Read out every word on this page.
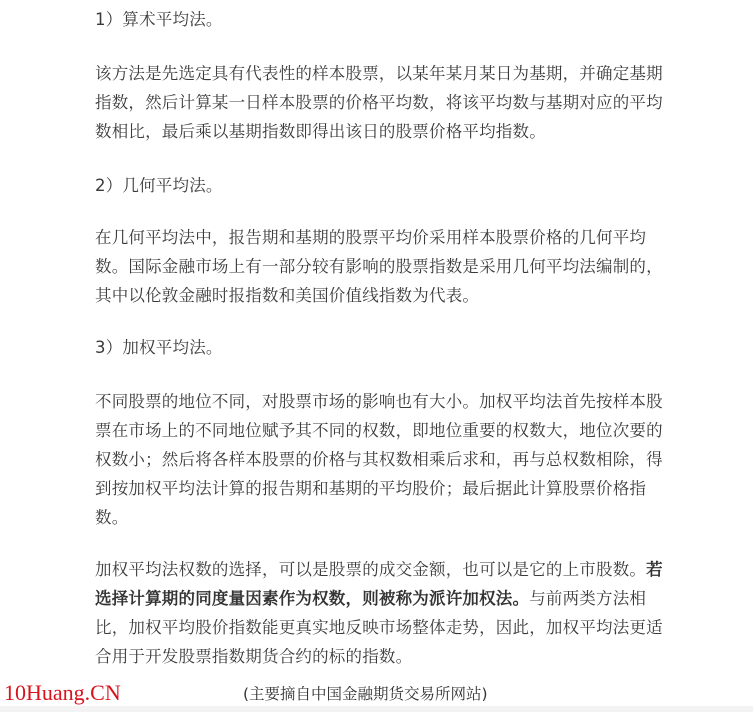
1）算术平均法。
该方法是先选定具有代表性的样本股票，以某年某月某日为基期，并确定基期
指数，然后计算某一日样本股票的价格平均数，将该平均数与基期对应的平均
数相比，最后乘以基期指数即得出该日的股票价格平均指数。
2）几何平均法。
在几何平均法中，报告期和基期的股票平均价采用样本股票价格的几何平均
数。国际金融市场上有一部分较有影响的股票指数是采用几何平均法编制的，
其中以伦敦金融时报指数和美国价值线指数为代表。
3）加权平均法。
不同股票的地位不同，对股票市场的影响也有大小。加权平均法首先按样本股
票在市场上的不同地位赋予其不同的权数，即地位重要的权数大，地位次要的
权数小；然后将各样本股票的价格与其权数相乘后求和，再与总权数相除，得
到按加权平均法计算的报告期和基期的平均股价；最后据此计算股票价格指
数。
加权平均法权数的选择，可以是股票的成交金额，也可以是它的上市股数。若
选择计算期的同度量因素作为权数，则被称为派许加权法。与前两类方法相
比，加权平均股价指数能更真实地反映市场整体走势，因此，加权平均法更适
合用于开发股票指数期货合约的标的指数。
10Huang.CN	(主要摘自中国金融期货交易所网站)
